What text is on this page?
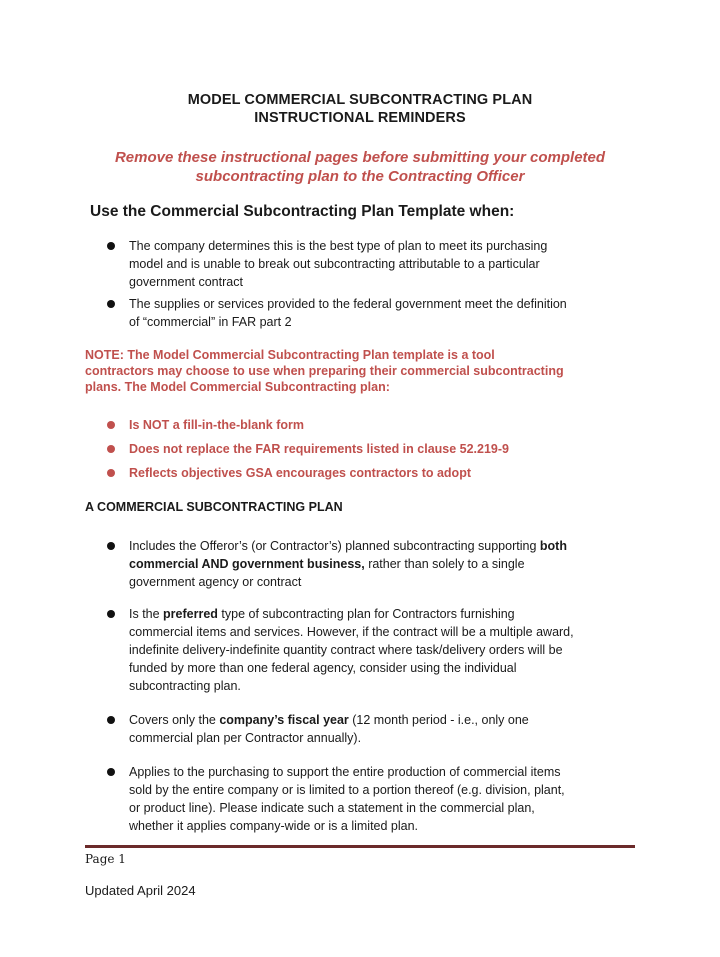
MODEL COMMERCIAL SUBCONTRACTING PLAN
INSTRUCTIONAL REMINDERS
Remove these instructional pages before submitting your completed
subcontracting plan to the Contracting Officer
Use the Commercial Subcontracting Plan Template when:
The company determines this is the best type of plan to meet its purchasing
model and is unable to break out subcontracting attributable to a particular
government contract
The supplies or services provided to the federal government meet the definition
of “commercial” in FAR part 2
NOTE: The Model Commercial Subcontracting Plan template is a tool
contractors may choose to use when preparing their commercial subcontracting
plans. The Model Commercial Subcontracting plan:
Is NOT a fill-in-the-blank form
Does not replace the FAR requirements listed in clause 52.219-9
Reflects objectives GSA encourages contractors to adopt
A COMMERCIAL SUBCONTRACTING PLAN
Includes the Offeror’s (or Contractor’s) planned subcontracting supporting both
commercial AND government business, rather than solely to a single
government agency or contract
Is the preferred type of subcontracting plan for Contractors furnishing
commercial items and services. However, if the contract will be a multiple award,
indefinite delivery-indefinite quantity contract where task/delivery orders will be
funded by more than one federal agency, consider using the individual
subcontracting plan.
Covers only the company’s fiscal year (12 month period - i.e., only one
commercial plan per Contractor annually).
Applies to the purchasing to support the entire production of commercial items
sold by the entire company or is limited to a portion thereof (e.g. division, plant,
or product line). Please indicate such a statement in the commercial plan,
whether it applies company-wide or is a limited plan.
Page 1
Updated April 2024
